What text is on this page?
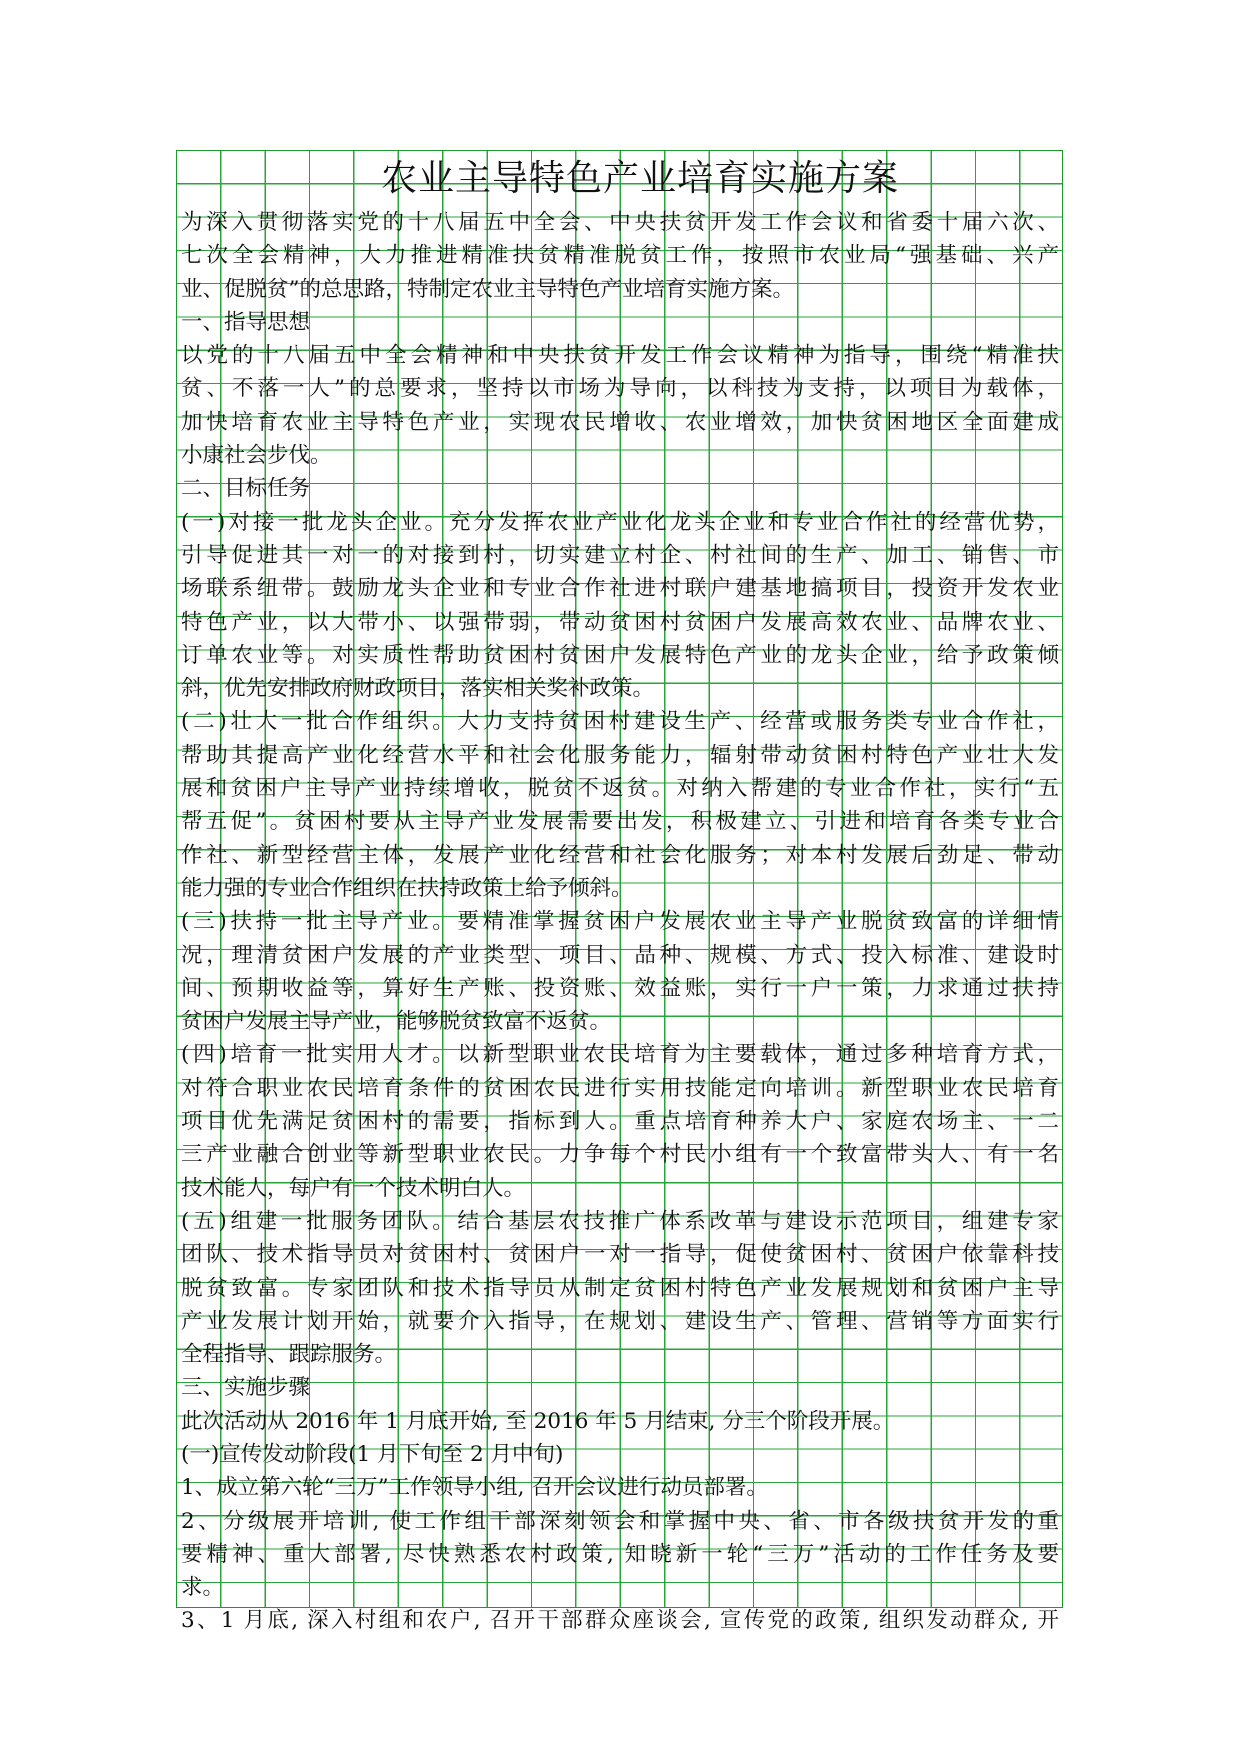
农业主导特色产业培育实施方案
为深入贯彻落实党的十八届五中全会、中央扶贫开发工作会议和省委十届六次、
七次全会精神，大力推进精准扶贫精准脱贫工作，按照市农业局“强基础、兴产
业、促脱贫”的总思路，特制定农业主导特色产业培育实施方案。
一、指导思想
以党的十八届五中全会精神和中央扶贫开发工作会议精神为指导，围绕“精准扶
贫、不落一人”的总要求，坚持以市场为导向，以科技为支持，以项目为载体，
加快培育农业主导特色产业，实现农民增收、农业增效，加快贫困地区全面建成
小康社会步伐。
二、目标任务
(一)对接一批龙头企业。充分发挥农业产业化龙头企业和专业合作社的经营优势，
引导促进其一对一的对接到村，切实建立村企、村社间的生产、加工、销售、市
场联系纽带。鼓励龙头企业和专业合作社进村联户建基地搞项目，投资开发农业
特色产业，以大带小、以强带弱，带动贫困村贫困户发展高效农业、品牌农业、
订单农业等。对实质性帮助贫困村贫困户发展特色产业的龙头企业，给予政策倾
斜，优先安排政府财政项目，落实相关奖补政策。
(二)壮大一批合作组织。大力支持贫困村建设生产、经营或服务类专业合作社，
帮助其提高产业化经营水平和社会化服务能力，辐射带动贫困村特色产业壮大发
展和贫困户主导产业持续增收，脱贫不返贫。对纳入帮建的专业合作社，实行“五
帮五促”。贫困村要从主导产业发展需要出发，积极建立、引进和培育各类专业合
作社、新型经营主体，发展产业化经营和社会化服务；对本村发展后劲足、带动
能力强的专业合作组织在扶持政策上给予倾斜。
(三)扶持一批主导产业。要精准掌握贫困户发展农业主导产业脱贫致富的详细情
况，理清贫困户发展的产业类型、项目、品种、规模、方式、投入标准、建设时
间、预期收益等，算好生产账、投资账、效益账，实行一户一策，力求通过扶持
贫困户发展主导产业，能够脱贫致富不返贫。
(四)培育一批实用人才。以新型职业农民培育为主要载体，通过多种培育方式，
对符合职业农民培育条件的贫困农民进行实用技能定向培训。新型职业农民培育
项目优先满足贫困村的需要，指标到人。重点培育种养大户、家庭农场主、一二
三产业融合创业等新型职业农民。力争每个村民小组有一个致富带头人、有一名
技术能人，每户有一个技术明白人。
(五)组建一批服务团队。结合基层农技推广体系改革与建设示范项目，组建专家
团队、技术指导员对贫困村、贫困户一对一指导，促使贫困村、贫困户依靠科技
脱贫致富。专家团队和技术指导员从制定贫困村特色产业发展规划和贫困户主导
产业发展计划开始，就要介入指导，在规划、建设生产、管理、营销等方面实行
全程指导、跟踪服务。
三、实施步骤
此次活动从 2016 年 1 月底开始, 至 2016 年 5 月结束, 分三个阶段开展。
(一)宣传发动阶段(1 月下旬至 2 月中旬)
1、成立第六轮“三万”工作领导小组, 召开会议进行动员部署。
2、分级展开培训, 使工作组干部深刻领会和掌握中央、省、市各级扶贫开发的重
要精神、重大部署, 尽快熟悉农村政策, 知晓新一轮“三万”活动的工作任务及要
求。
3、1 月底, 深入村组和农户, 召开干部群众座谈会, 宣传党的政策, 组织发动群众, 开
